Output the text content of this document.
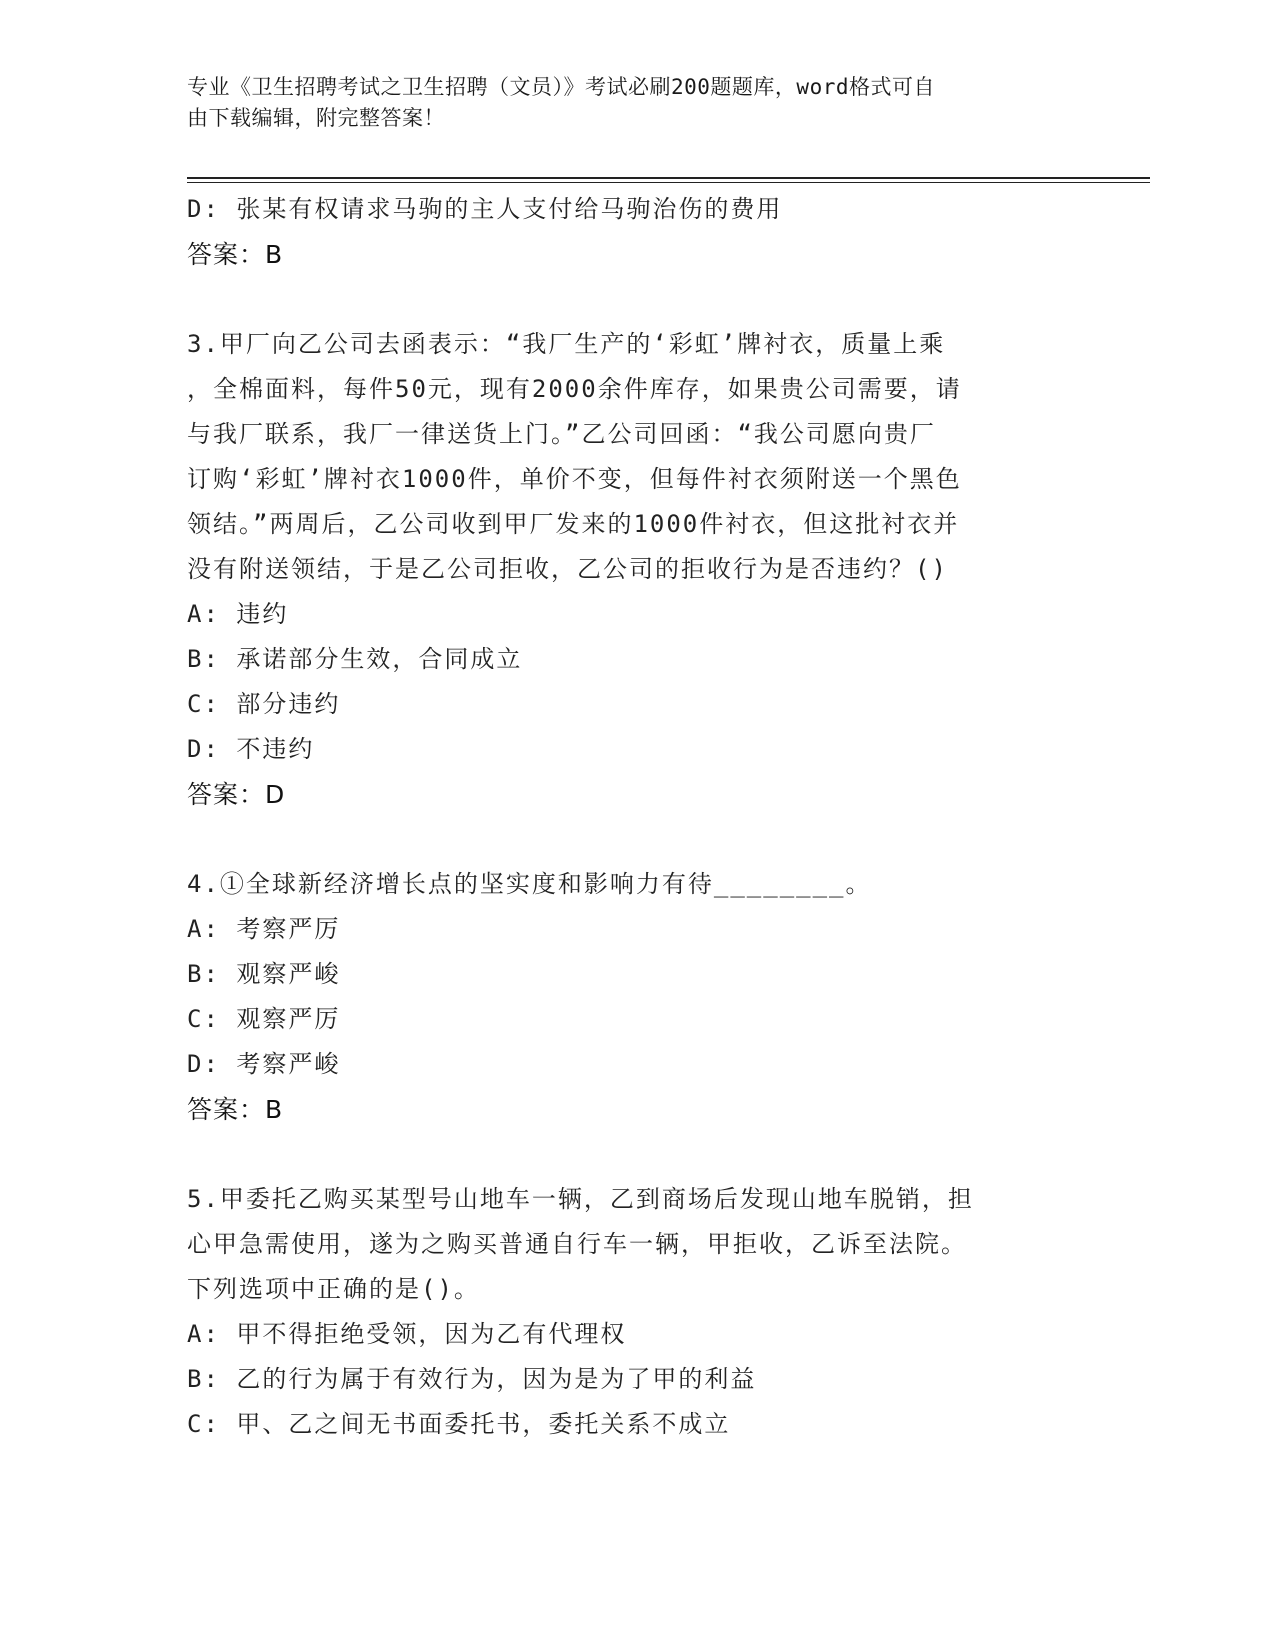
专业《卫生招聘考试之卫生招聘（文员）》考试必刷200题题库，word格式可自
由下载编辑，附完整答案！
D: 张某有权请求马驹的主人支付给马驹治伤的费用
答案：B
3.甲厂向乙公司去函表示：“我厂生产的‘彩虹’牌衬衣，质量上乘
，全棉面料，每件50元，现有2000余件库存，如果贵公司需要，请
与我厂联系，我厂一律送货上门。”乙公司回函：“我公司愿向贵厂
订购‘彩虹’牌衬衣1000件，单价不变，但每件衬衣须附送一个黑色
领结。”两周后，乙公司收到甲厂发来的1000件衬衣，但这批衬衣并
没有附送领结，于是乙公司拒收，乙公司的拒收行为是否违约？()
A: 违约
B: 承诺部分生效，合同成立
C: 部分违约
D: 不违约
答案：D
4.①全球新经济增长点的坚实度和影响力有待________。
A: 考察严厉
B: 观察严峻
C: 观察严厉
D: 考察严峻
答案：B
5.甲委托乙购买某型号山地车一辆，乙到商场后发现山地车脱销，担
心甲急需使用，遂为之购买普通自行车一辆，甲拒收，乙诉至法院。
下列选项中正确的是()。
A: 甲不得拒绝受领，因为乙有代理权
B: 乙的行为属于有效行为，因为是为了甲的利益
C: 甲、乙之间无书面委托书，委托关系不成立
